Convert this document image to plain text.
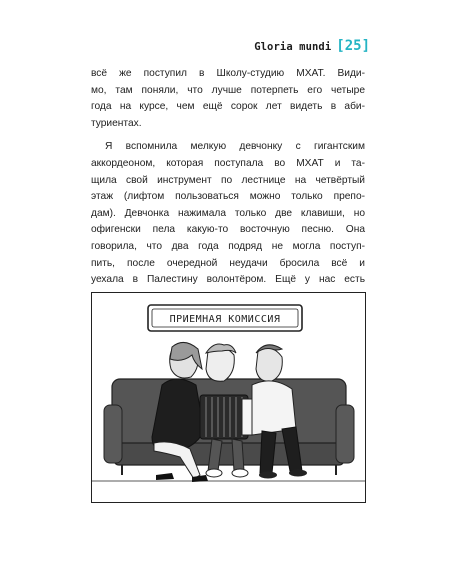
Gloria mundi [25]
всё же поступил в Школу-студию МХАТ. Види-
мо, там поняли, что лучше потерпеть его четыре
года на курсе, чем ещё сорок лет видеть в аби-
туриентах.
Я вспомнила мелкую девчонку с гигантским
аккордеоном, которая поступала во МХАТ и та-
щила свой инструмент по лестнице на четвёртый
этаж (лифтом пользоваться можно только препо-
дам). Девчонка нажимала только две клавиши, но
офигенски пела какую-то восточную песню. Она
говорила, что два года подряд не могла поступ-
пить, после очередной неудачи бросила всё и
уехала в Палестину волонтёром. Ещё у нас есть
ПРИЕМНАЯ КОМИССИЯ
